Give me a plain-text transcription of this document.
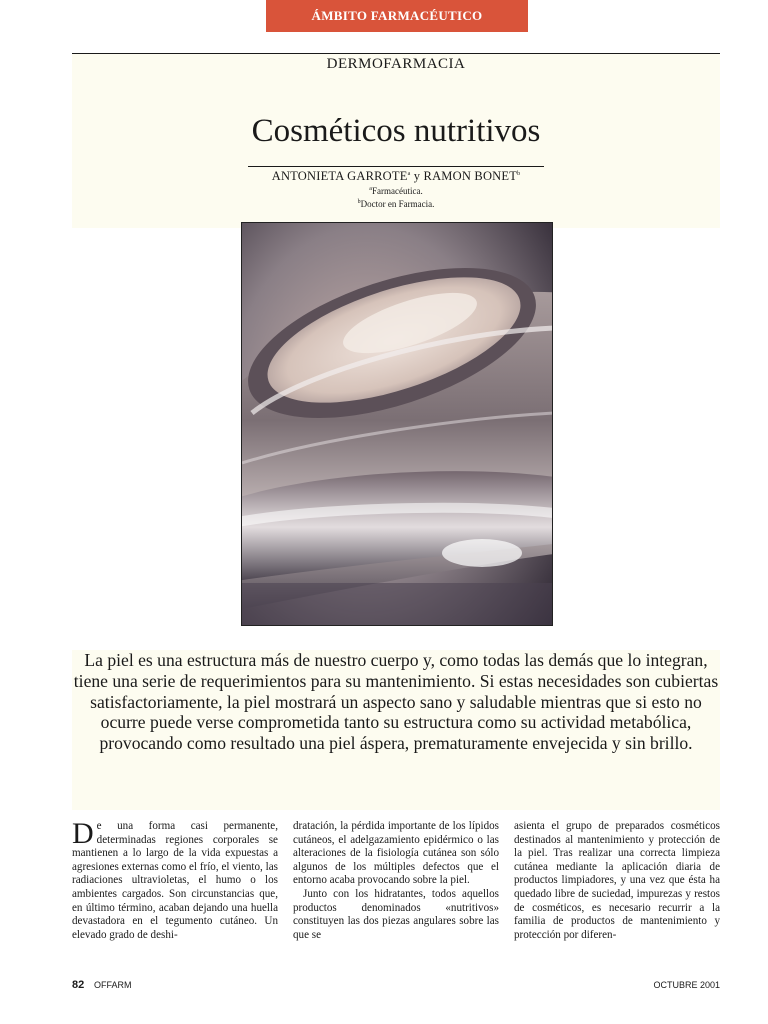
ÁMBITO FARMACÉUTICO
DERMOFARMACIA
Cosméticos nutritivos
ANTONIETA GARROTE$^a$ y RAMON BONET$^b$
$^a$Farmacéutica.
$^b$Doctor en Farmacia.
La piel es una estructura más de nuestro cuerpo y, como todas las demás que lo integran, tiene una serie de requerimientos para su mantenimiento. Si estas necesidades son cubiertas satisfactoriamente, la piel mostrará un aspecto sano y saludable mientras que si esto no ocurre puede verse comprometida tanto su estructura como su actividad metabólica, provocando como resultado una piel áspera, prematuramente envejecida y sin brillo.

De una forma casi permanente, determinadas regiones corporales se mantienen a lo largo de la vida expuestas a agresiones externas como el frío, el viento, las radiaciones ultravioletas, el humo o los ambientes cargados. Son circunstancias que, en último término, acaban dejando una huella devastadora en el tegumento cutáneo. Un elevado grado de deshi-

dratación, la pérdida importante de los lípidos cutáneos, el adelgazamiento epidérmico o las alteraciones de la fisiología cutánea son sólo algunos de los múltiples defectos que el entorno acaba provocando sobre la piel.

Junto con los hidratantes, todos aquellos productos denominados «nutritivos» constituyen las dos piezas angulares sobre las que se

asienta el grupo de preparados cosméticos destinados al mantenimiento y protección de la piel. Tras realizar una correcta limpieza cutánea mediante la aplicación diaria de productos limpiadores, y una vez que ésta ha quedado libre de suciedad, impurezas y restos de cosméticos, es necesario recurrir a la familia de productos de mantenimiento y protección por diferen-

82 OFFARM	OCTUBRE 2001
